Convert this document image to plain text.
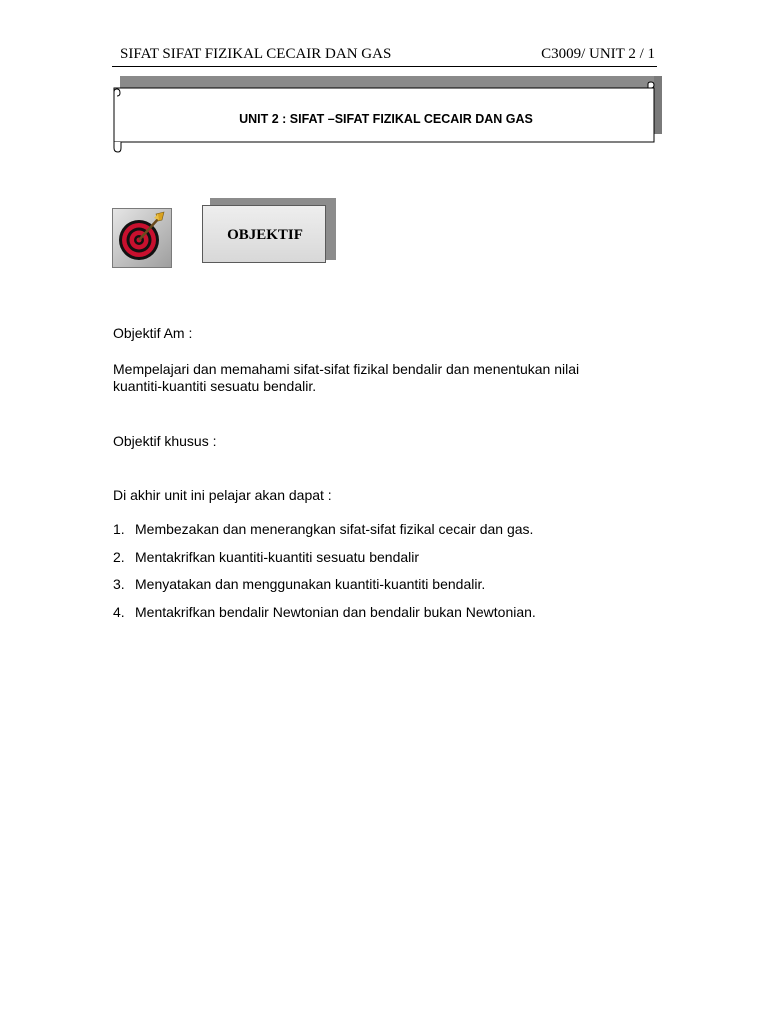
SIFAT SIFAT FIZIKAL CECAIR DAN GAS	C3009/ UNIT 2 / 1
UNIT 2 : SIFAT –SIFAT FIZIKAL CECAIR DAN GAS
OBJEKTIF
Objektif Am :
Mempelajari dan memahami sifat-sifat fizikal bendalir dan menentukan nilai
kuantiti-kuantiti sesuatu bendalir.
Objektif khusus :
Di akhir unit ini pelajar akan dapat :
1. Membezakan dan menerangkan sifat-sifat fizikal cecair dan gas.
2. Mentakrifkan kuantiti-kuantiti sesuatu bendalir
3. Menyatakan dan menggunakan kuantiti-kuantiti bendalir.
4. Mentakrifkan bendalir Newtonian dan bendalir bukan Newtonian.
